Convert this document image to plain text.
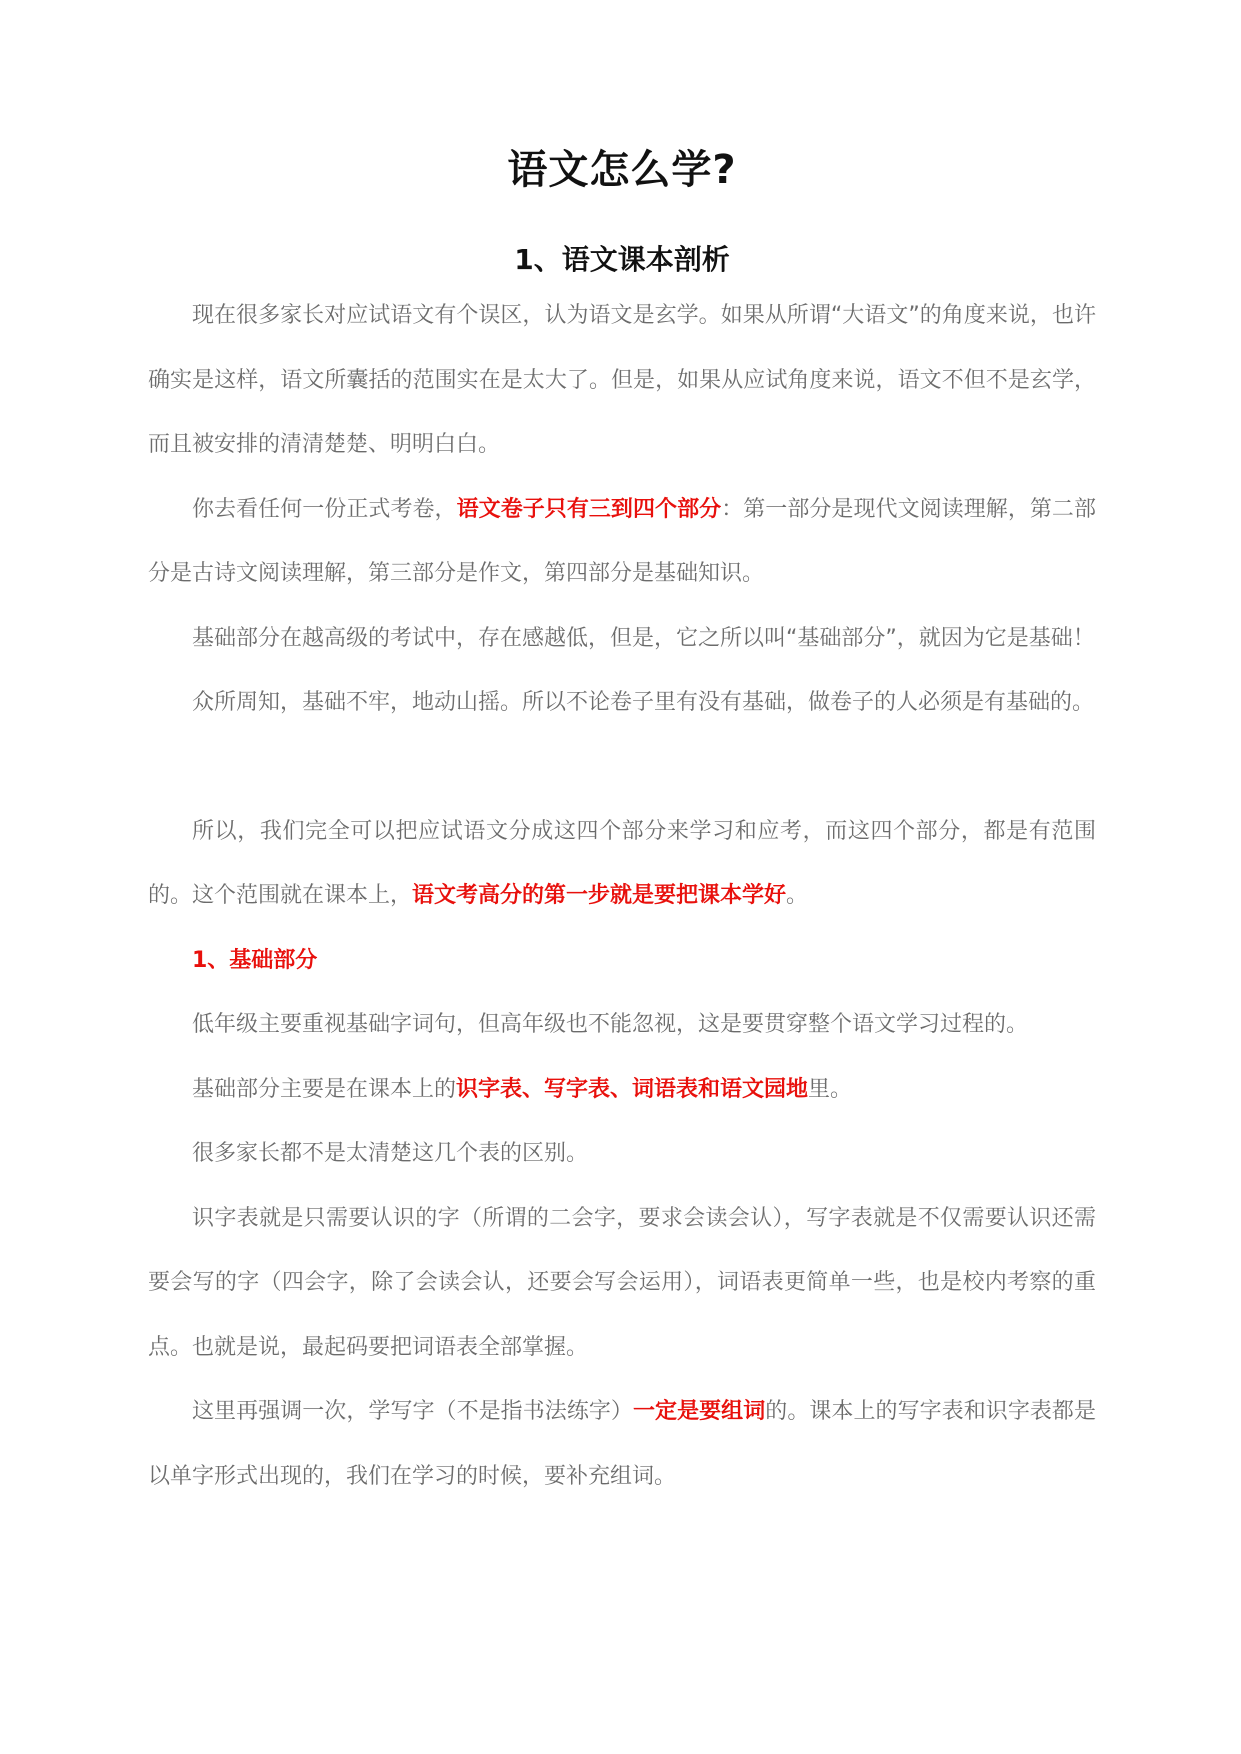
语文怎么学?
1、语文课本剖析

现在很多家长对应试语文有个误区，认为语文是玄学。如果从所谓“大语文”的角度来说，也许确实是这样，语文所囊括的范围实在是太大了。但是，如果从应试角度来说，语文不但不是玄学，而且被安排的清清楚楚、明明白白。

你去看任何一份正式考卷，语文卷子只有三到四个部分：第一部分是现代文阅读理解，第二部分是古诗文阅读理解，第三部分是作文，第四部分是基础知识。

基础部分在越高级的考试中，存在感越低，但是，它之所以叫“基础部分”，就因为它是基础！

众所周知，基础不牢，地动山摇。所以不论卷子里有没有基础，做卷子的人必须是有基础的。

所以，我们完全可以把应试语文分成这四个部分来学习和应考，而这四个部分，都是有范围的。这个范围就在课本上，语文考高分的第一步就是要把课本学好。

1、基础部分

低年级主要重视基础字词句，但高年级也不能忽视，这是要贯穿整个语文学习过程的。

基础部分主要是在课本上的识字表、写字表、词语表和语文园地里。

很多家长都不是太清楚这几个表的区别。

识字表就是只需要认识的字（所谓的二会字，要求会读会认），写字表就是不仅需要认识还需要会写的字（四会字，除了会读会认，还要会写会运用），词语表更简单一些，也是校内考察的重点。也就是说，最起码要把词语表全部掌握。

这里再强调一次，学写字（不是指书法练字）一定是要组词的。课本上的写字表和识字表都是以单字形式出现的，我们在学习的时候，要补充组词。
